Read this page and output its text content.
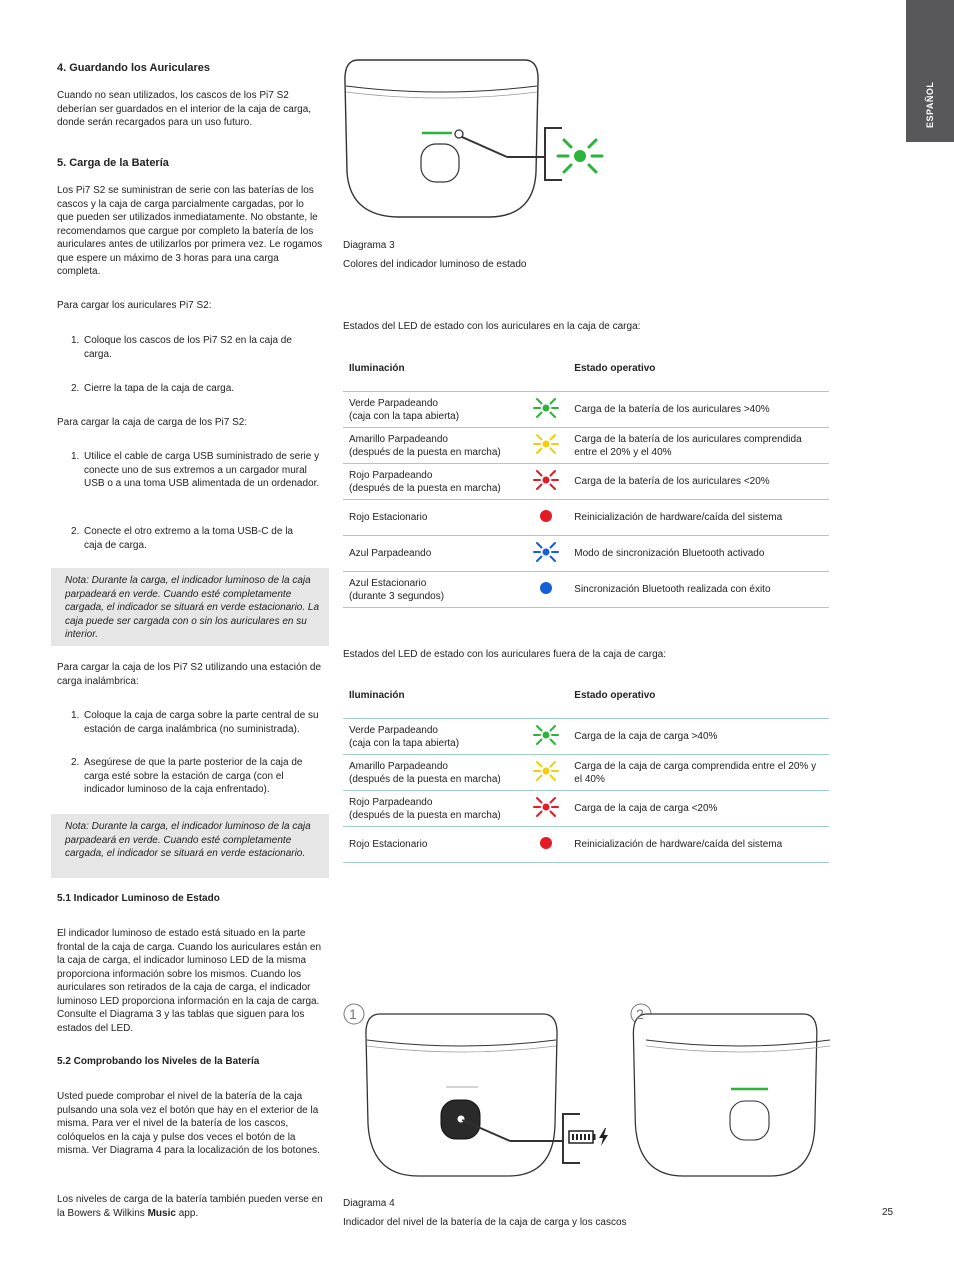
ESPAÑOL
4. Guardando los Auriculares
Cuando no sean utilizados, los cascos de los Pi7 S2 deberían ser guardados en el interior de la caja de carga, donde serán recargados para un uso futuro.
5. Carga de la Batería
Los Pi7 S2 se suministran de serie con las baterías de los cascos y la caja de carga parcialmente cargadas, por lo que pueden ser utilizados inmediatamente. No obstante, le recomendamos que cargue por completo la batería de los auriculares antes de utilizarlos por primera vez. Le rogamos que espere un máximo de 3 horas para una carga completa.
Para cargar los auriculares Pi7 S2:
1. Coloque los cascos de los Pi7 S2 en la caja de carga.
2. Cierre la tapa de la caja de carga.
Para cargar la caja de carga de los Pi7 S2:
1. Utilice el cable de carga USB suministrado de serie y conecte uno de sus extremos a un cargador mural USB o a una toma USB alimentada de un ordenador.
2. Conecte el otro extremo a la toma USB-C de la caja de carga.
Nota: Durante la carga, el indicador luminoso de la caja parpadeará en verde. Cuando esté completamente cargada, el indicador se situará en verde estacionario. La caja puede ser cargada con o sin los auriculares en su interior.
Para cargar la caja de los Pi7 S2 utilizando una estación de carga inalámbrica:
1. Coloque la caja de carga sobre la parte central de su estación de carga inalámbrica (no suministrada).
2. Asegúrese de que la parte posterior de la caja de carga esté sobre la estación de carga (con el indicador luminoso de la caja enfrentado).
Nota: Durante la carga, el indicador luminoso de la caja parpadeará en verde. Cuando esté completamente cargada, el indicador se situará en verde estacionario.
5.1 Indicador Luminoso de Estado
El indicador luminoso de estado está situado en la parte frontal de la caja de carga. Cuando los auriculares están en la caja de carga, el indicador luminoso LED de la misma proporciona información sobre los mismos. Cuando los auriculares son retirados de la caja de carga, el indicador luminoso LED proporciona información en la caja de carga. Consulte el Diagrama 3 y las tablas que siguen para los estados del LED.
5.2 Comprobando los Niveles de la Batería
Usted puede comprobar el nivel de la batería de la caja pulsando una sola vez el botón que hay en el exterior de la misma. Para ver el nivel de la batería de los cascos, colóquelos en la caja y pulse dos veces el botón de la misma. Ver Diagrama 4 para la localización de los botones.
Los niveles de carga de la batería también pueden verse en la Bowers & Wilkins Music app.
Diagrama 3
Colores del indicador luminoso de estado
Estados del LED de estado con los auriculares en la caja de carga:
Iluminación		Estado operativo

Verde Parpadeando
(caja con la tapa abierta)		Carga de la batería de los auriculares >40%

Amarillo Parpadeando
(después de la puesta en marcha)		Carga de la batería de los auriculares comprendida entre el 20% y el 40%

Rojo Parpadeando
(después de la puesta en marcha)		Carga de la batería de los auriculares <20%

Rojo Estacionario		Reinicialización de hardware/caída del sistema

Azul Parpadeando		Modo de sincronización Bluetooth activado

Azul Estacionario
(durante 3 segundos)		Sincronización Bluetooth realizada con éxito
Estados del LED de estado con los auriculares fuera de la caja de carga:
Iluminación		Estado operativo

Verde Parpadeando
(caja con la tapa abierta)		Carga de la caja de carga >40%

Amarillo Parpadeando
(después de la puesta en marcha)		Carga de la caja de carga comprendida entre el 20% y el 40%

Rojo Parpadeando
(después de la puesta en marcha)		Carga de la caja de carga <20%

Rojo Estacionario		Reinicialización de hardware/caída del sistema
1	2
Diagrama 4
Indicador del nivel de la batería de la caja de carga y los cascos
25
